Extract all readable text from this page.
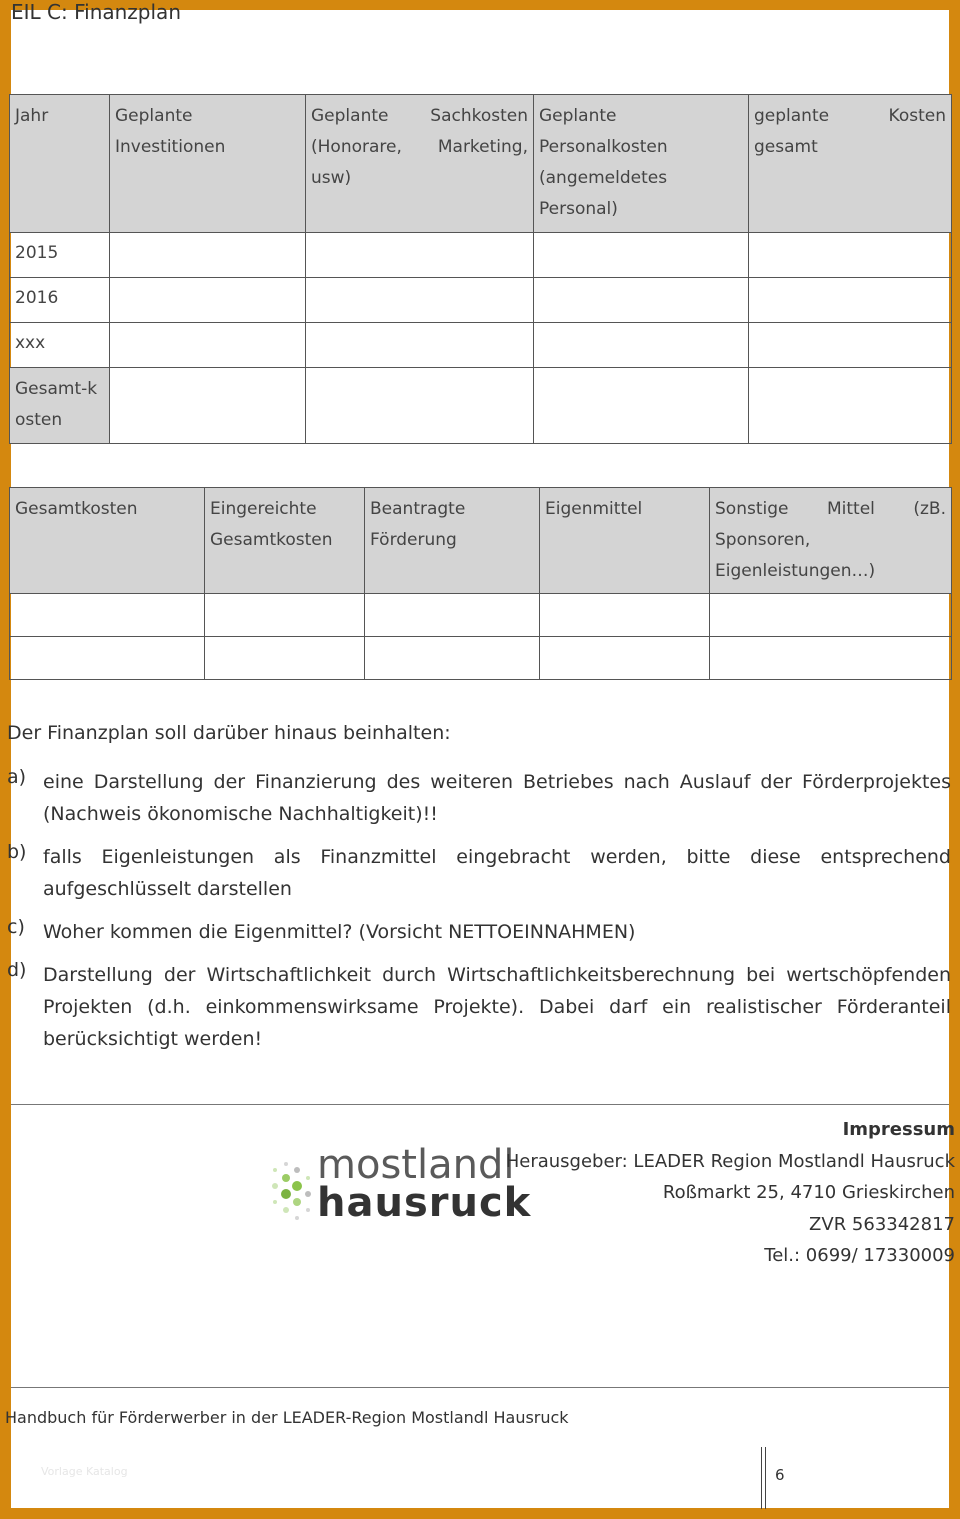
EIL C: Finanzplan
Jahr	Geplante Investitionen	Geplante Sachkosten (Honorare, Marketing, usw)	Geplante Personalkosten (angemeldetes Personal)	geplante Kosten gesamt
2015				
2016				
xxx				
Gesamt-kosten				
Gesamtkosten	Eingereichte Gesamtkosten	Beantragte Förderung	Eigenmittel	Sonstige Mittel (zB. Sponsoren, Eigenleistungen…)

Der Finanzplan soll darüber hinaus beinhalten:
a) eine Darstellung der Finanzierung des weiteren Betriebes nach Auslauf der Förderprojektes (Nachweis ökonomische Nachhaltigkeit)!!
b) falls Eigenleistungen als Finanzmittel eingebracht werden, bitte diese entsprechend aufgeschlüsselt darstellen
c) Woher kommen die Eigenmittel? (Vorsicht NETTOEINNAHMEN)
d) Darstellung der Wirtschaftlichkeit durch Wirtschaftlichkeitsberechnung bei wertschöpfenden Projekten (d.h. einkommenswirksame Projekte). Dabei darf ein realistischer Förderanteil berücksichtigt werden!
mostlandl
hausruck
Impressum
Herausgeber: LEADER Region Mostlandl Hausruck
Roßmarkt 25, 4710 Grieskirchen
ZVR 563342817
Tel.: 0699/ 17330009
Handbuch für Förderwerber in der LEADER-Region Mostlandl Hausruck
Vorlage Katalog	6
